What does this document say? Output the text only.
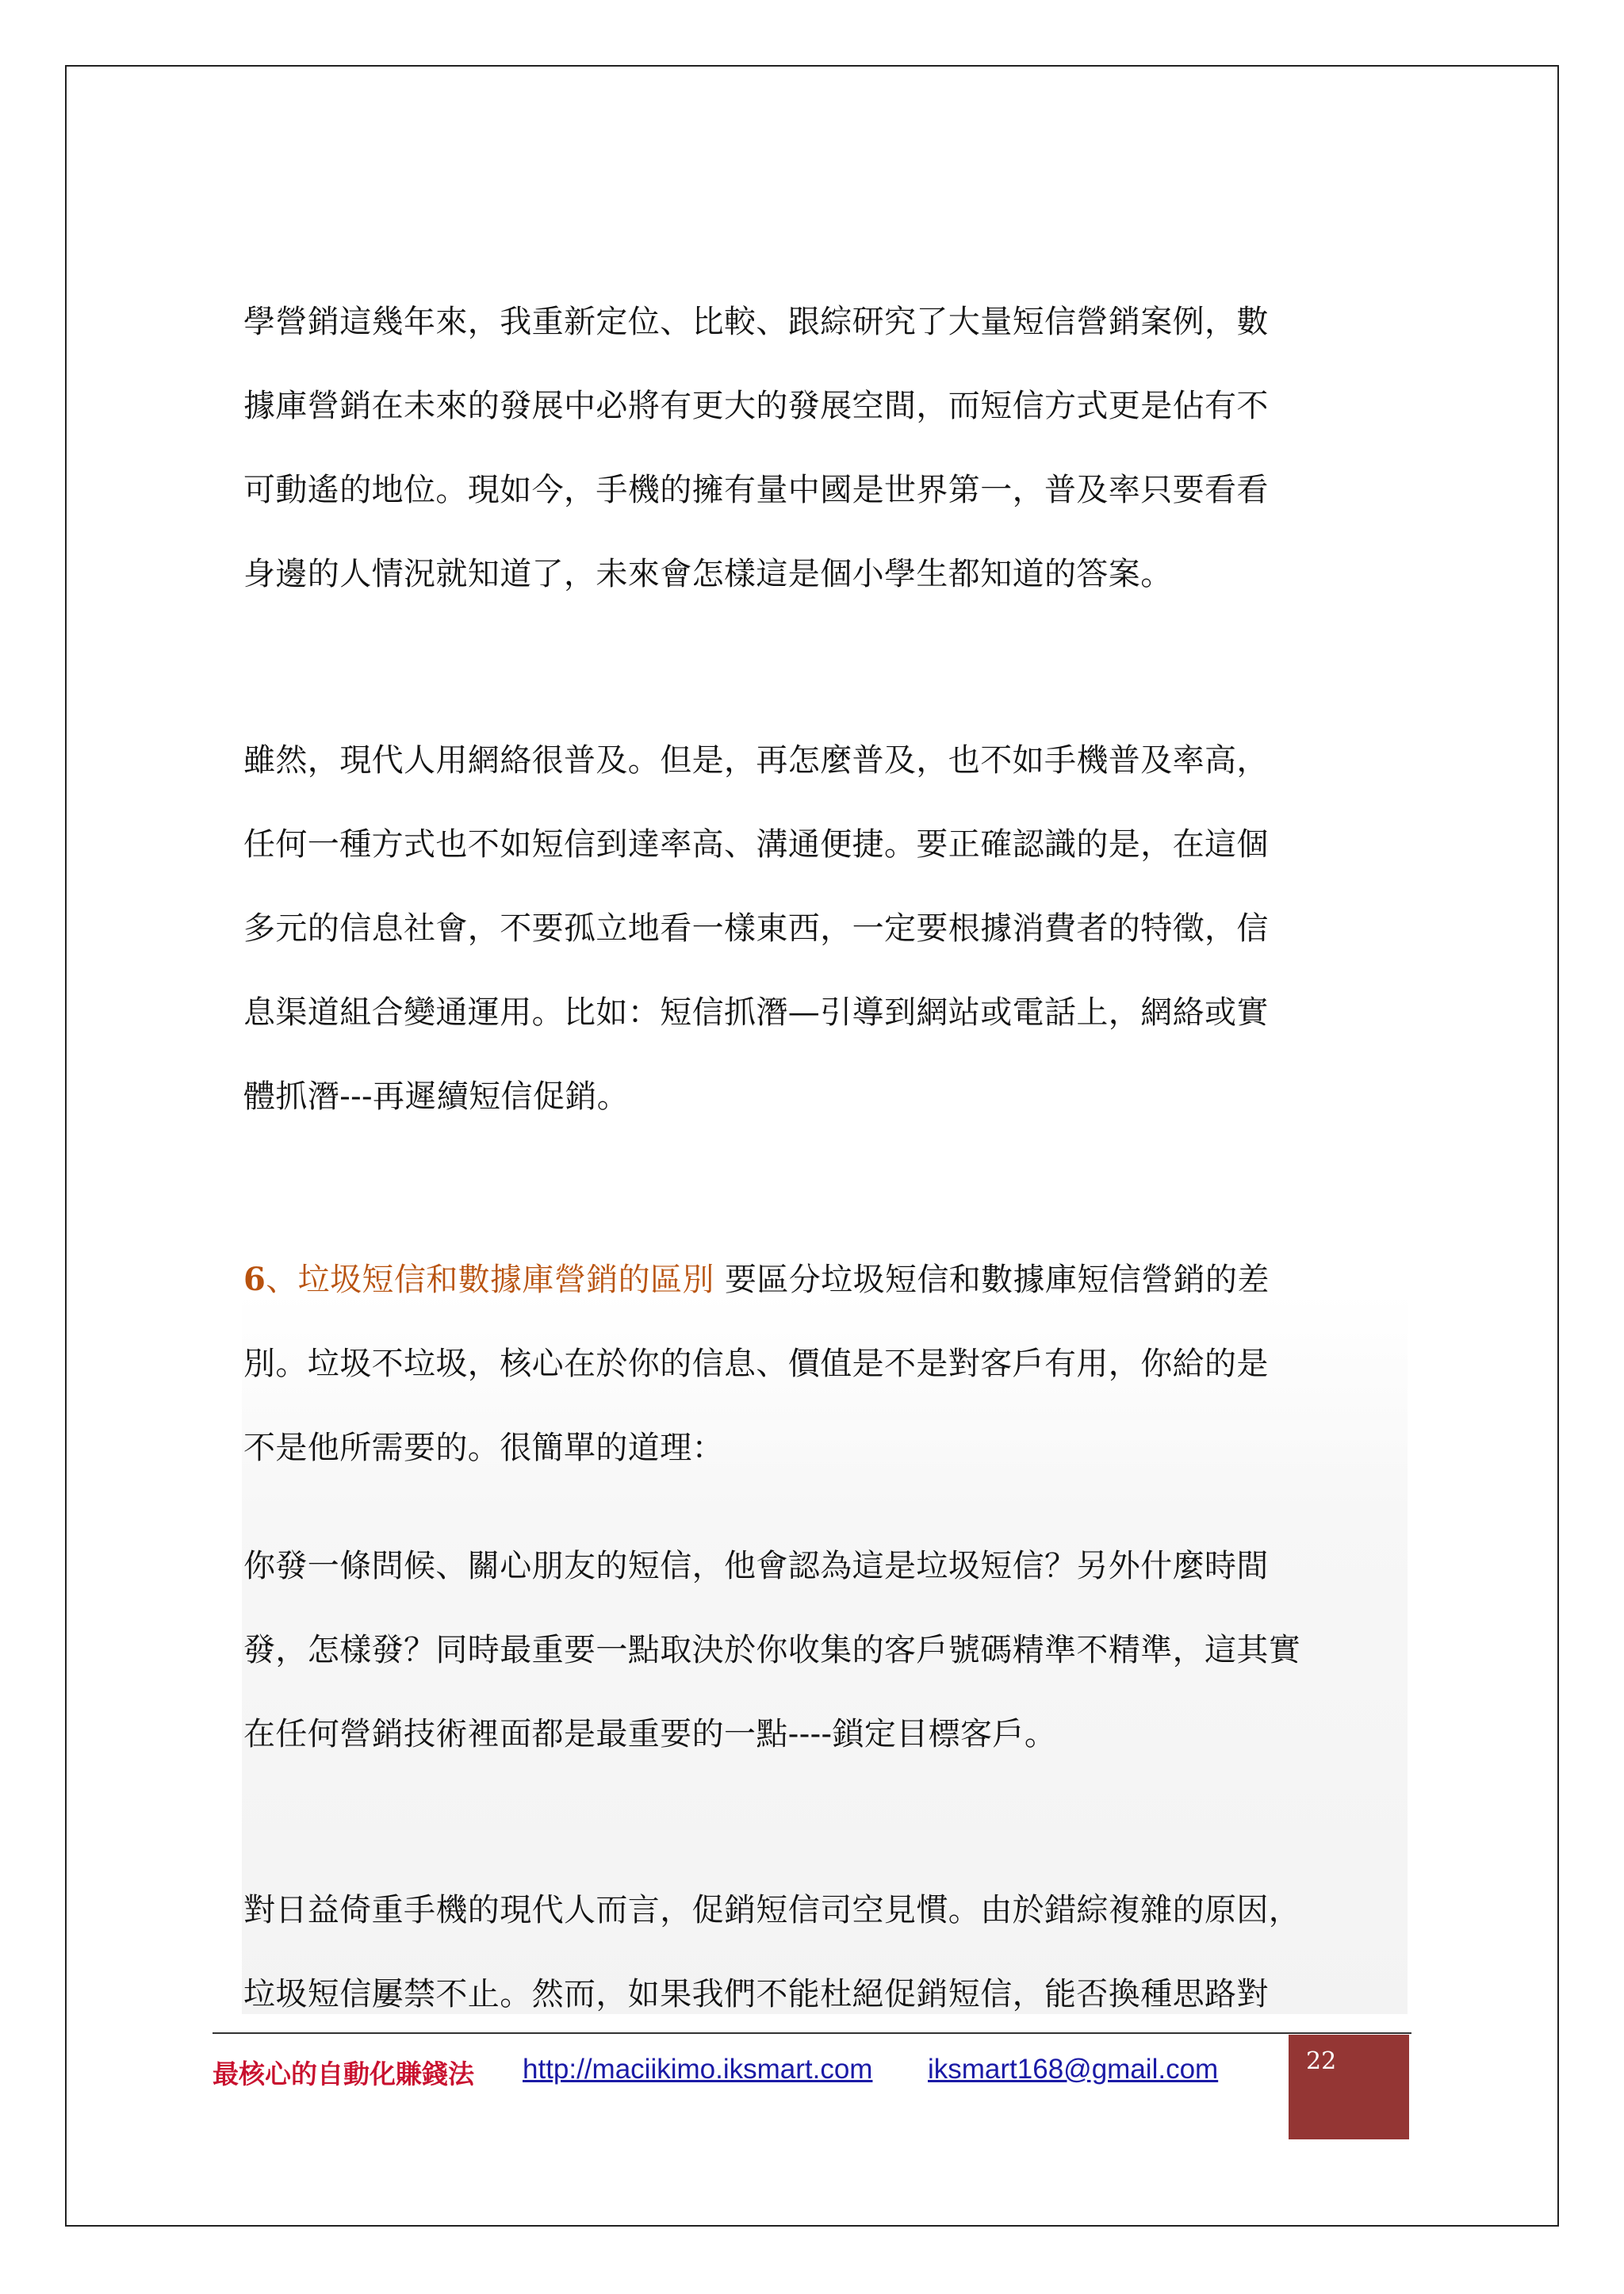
學營銷這幾年來，我重新定位、比較、跟綜研究了大量短信營銷案例，數
據庫營銷在未來的發展中必將有更大的發展空間，而短信方式更是佔有不
可動遙的地位。現如今，手機的擁有量中國是世界第一，普及率只要看看
身邊的人情況就知道了，未來會怎樣這是個小學生都知道的答案。
雖然，現代人用網絡很普及。但是，再怎麼普及，也不如手機普及率高，
任何一種方式也不如短信到達率高、溝通便捷。要正確認識的是，在這個
多元的信息社會，不要孤立地看一樣東西，一定要根據消費者的特徵，信
息渠道組合變通運用。比如：短信抓潛—引導到網站或電話上，網絡或實
體抓潛---再遲續短信促銷。
6、垃圾短信和數據庫營銷的區別 要區分垃圾短信和數據庫短信營銷的差
別。垃圾不垃圾，核心在於你的信息、價值是不是對客戶有用，你給的是
不是他所需要的。很簡單的道理：
你發一條問候、關心朋友的短信，他會認為這是垃圾短信？另外什麼時間
發，怎樣發？同時最重要一點取決於你收集的客戶號碼精準不精準，這其實
在任何營銷技術裡面都是最重要的一點----鎖定目標客戶。
對日益倚重手機的現代人而言，促銷短信司空見慣。由於錯綜複雜的原因，
垃圾短信屢禁不止。然而，如果我們不能杜絕促銷短信，能否換種思路對
最核心的自動化賺錢法 http://maciikimo.iksmart.com iksmart168@gmail.com	22
